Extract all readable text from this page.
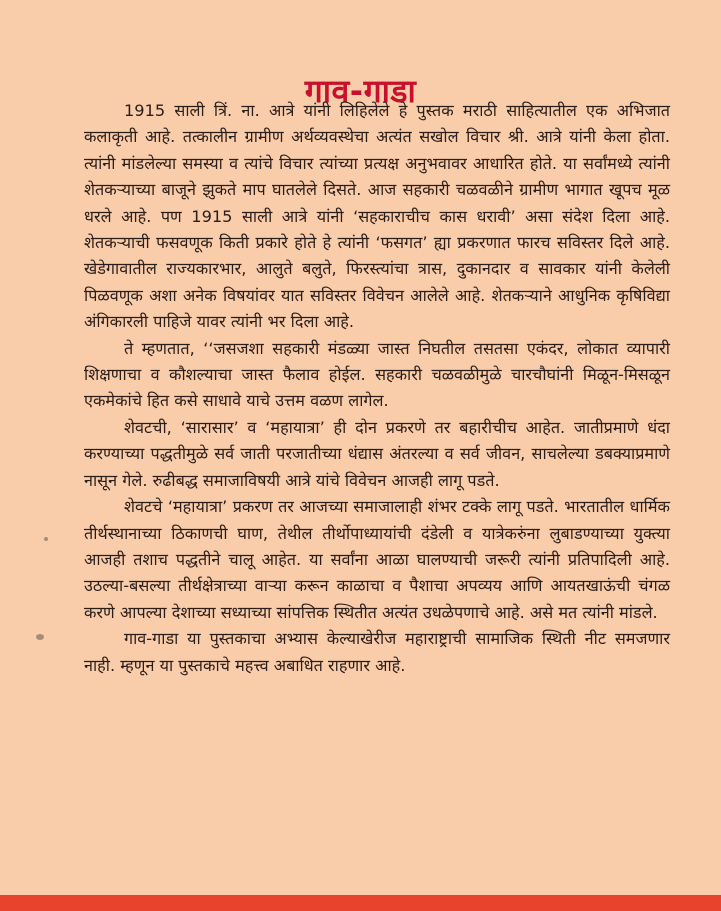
गाव-गाडा

1915 साली त्रिं. ना. आत्रे यांनी लिहिलेले हे पुस्तक मराठी साहित्यातील एक अभिजात कलाकृती आहे. तत्कालीन ग्रामीण अर्थव्यवस्थेचा अत्यंत सखोल विचार श्री. आत्रे यांनी केला होता. त्यांनी मांडलेल्या समस्या व त्यांचे विचार त्यांच्या प्रत्यक्ष अनुभवावर आधारित होते. या सर्वांमध्ये त्यांनी शेतकऱ्याच्या बाजूने झुकते माप घातलेले दिसते. आज सहकारी चळवळीने ग्रामीण भागात खूपच मूळ धरले आहे. पण 1915 साली आत्रे यांनी ‘सहकाराचीच कास धरावी’ असा संदेश दिला आहे. शेतकऱ्याची फसवणूक किती प्रकारे होते हे त्यांनी ‘फसगत’ ह्या प्रकरणात फारच सविस्तर दिले आहे. खेडेगावातील राज्यकारभार, आलुते बलुते, फिरस्त्यांचा त्रास, दुकानदार व सावकार यांनी केलेली पिळवणूक अशा अनेक विषयांवर यात सविस्तर विवेचन आलेले आहे. शेतकऱ्याने आधुनिक कृषिविद्या अंगिकारली पाहिजे यावर त्यांनी भर दिला आहे.

ते म्हणतात, ‘‘जसजशा सहकारी मंडळ्या जास्त निघतील तसतसा एकंदर, लोकात व्यापारी शिक्षणाचा व कौशल्याचा जास्त फैलाव होईल. सहकारी चळवळीमुळे चारचौघांनी मिळून-मिसळून एकमेकांचे हित कसे साधावे याचे उत्तम वळण लागेल.

शेवटची, ‘सारासार’ व ‘महायात्रा’ ही दोन प्रकरणे तर बहारीचीच आहेत. जातीप्रमाणे धंदा करण्याच्या पद्धतीमुळे सर्व जाती परजातीच्या धंद्यास अंतरल्या व सर्व जीवन, साचलेल्या डबक्याप्रमाणे नासून गेले. रुढीबद्ध समाजाविषयी आत्रे यांचे विवेचन आजही लागू पडते.

शेवटचे ‘महायात्रा’ प्रकरण तर आजच्या समाजालाही शंभर टक्के लागू पडते. भारतातील धार्मिक तीर्थस्थानाच्या ठिकाणची घाण, तेथील तीर्थोपाध्यायांची दंडेली व यात्रेकरुंना लुबाडण्याच्या युक्त्या आजही तशाच पद्धतीने चालू आहेत. या सर्वांना आळा घालण्याची जरूरी त्यांनी प्रतिपादिली आहे. उठल्या-बसल्या तीर्थक्षेत्राच्या वाऱ्या करून काळाचा व पैशाचा अपव्यय आणि आयतखाऊंची चंगळ करणे आपल्या देशाच्या सध्याच्या सांपत्तिक स्थितीत अत्यंत उधळेपणाचे आहे. असे मत त्यांनी मांडले.

गाव-गाडा या पुस्तकाचा अभ्यास केल्याखेरीज महाराष्ट्राची सामाजिक स्थिती नीट समजणार नाही. म्हणून या पुस्तकाचे महत्त्व अबाधित राहणार आहे.
